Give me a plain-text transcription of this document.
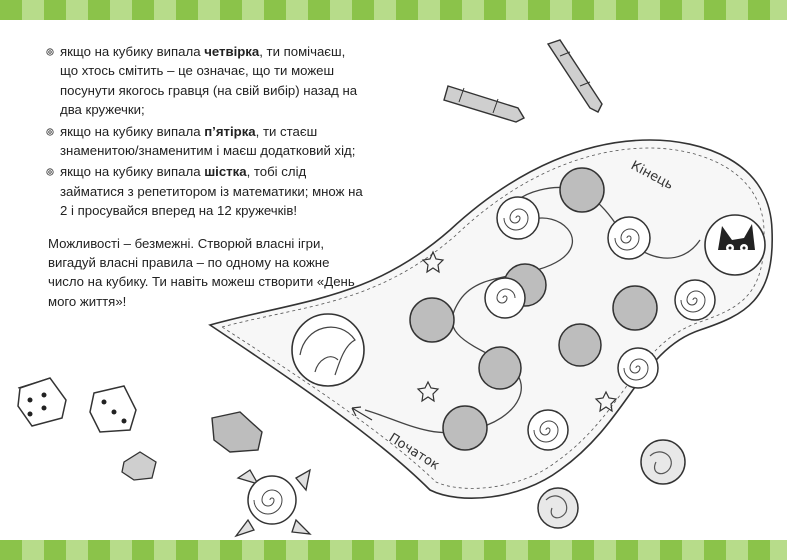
якщо на кубику випала четвірка, ти помічаєш, що хтось смітить – це означає, що ти можеш посунути якогось гравця (на свій вибір) назад на два кружечки;
якщо на кубику випала п’ятірка, ти стаєш знаменитою/знаменитим і маєш додатковий хід;
якщо на кубику випала шістка, тобі слід займатися з репетитором із математики; множ на 2 і просувайся вперед на 12 кружечків!

Можливості – безмежні. Створюй власні ігри, вигадуй власні правила – по одному на кожне число на кубику. Ти навіть можеш створити «День мого життя»!

Початок
Кінець
